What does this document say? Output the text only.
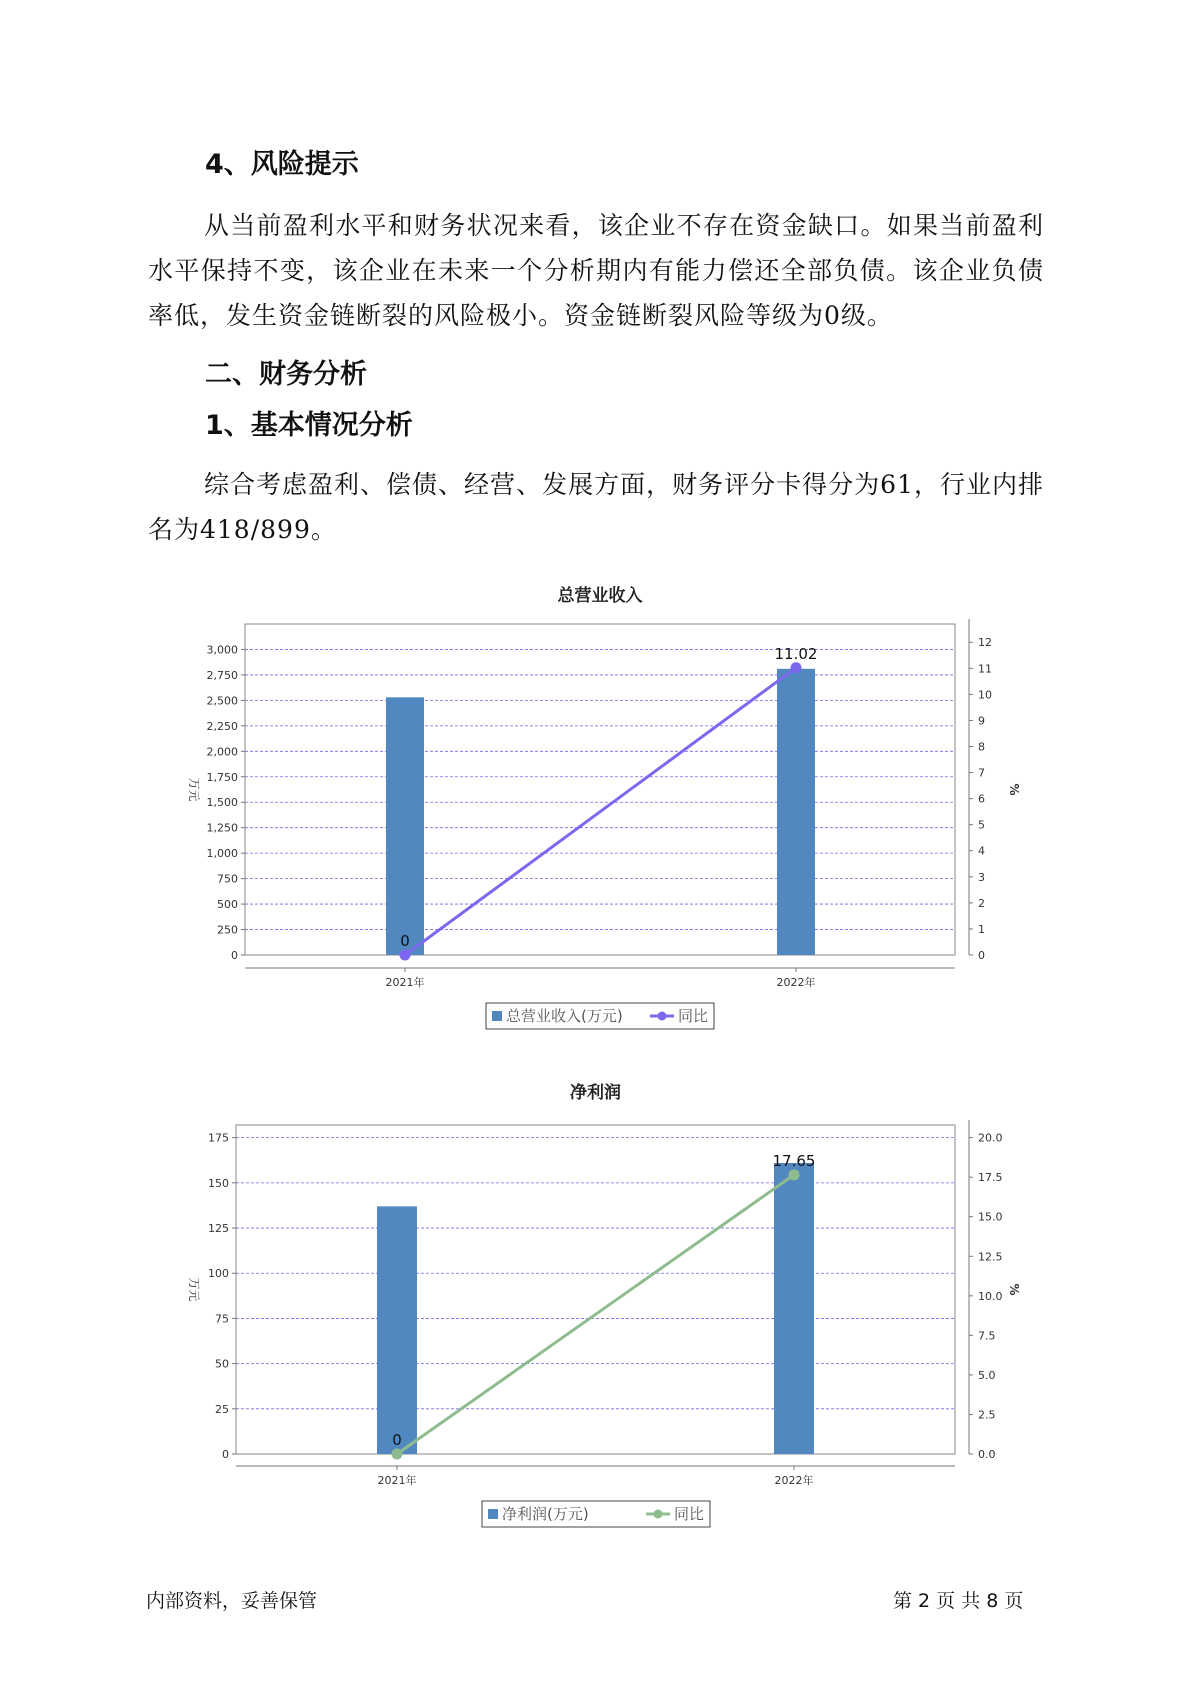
4、风险提示

从当前盈利水平和财务状况来看，该企业不存在资金缺口。如果当前盈利水平保持不变，该企业在未来一个分析期内有能力偿还全部负债。该企业负债率低，发生资金链断裂的风险极小。资金链断裂风险等级为0级。

二、财务分析
1、基本情况分析

综合考虑盈利、偿债、经营、发展方面，财务评分卡得分为61，行业内排名为418/899。

总营业收入
0
250
500
750
1,000
1,250
1,500
1,750
2,000
2,250
2,500
2,750
3,000
0
1
2
3
4
5
6
7
8
9
10
11
12
2021年	2022年
万元	%
0
11.02
总营业收入(万元)	同比
净利润
0
25
50
75
100
125
150
175
0.0
2.5
5.0
7.5
10.0
12.5
15.0
17.5
20.0
2021年	2022年
万元	%
0
17.65
净利润(万元)	同比

内部资料，妥善保管	第 2 页 共 8 页
